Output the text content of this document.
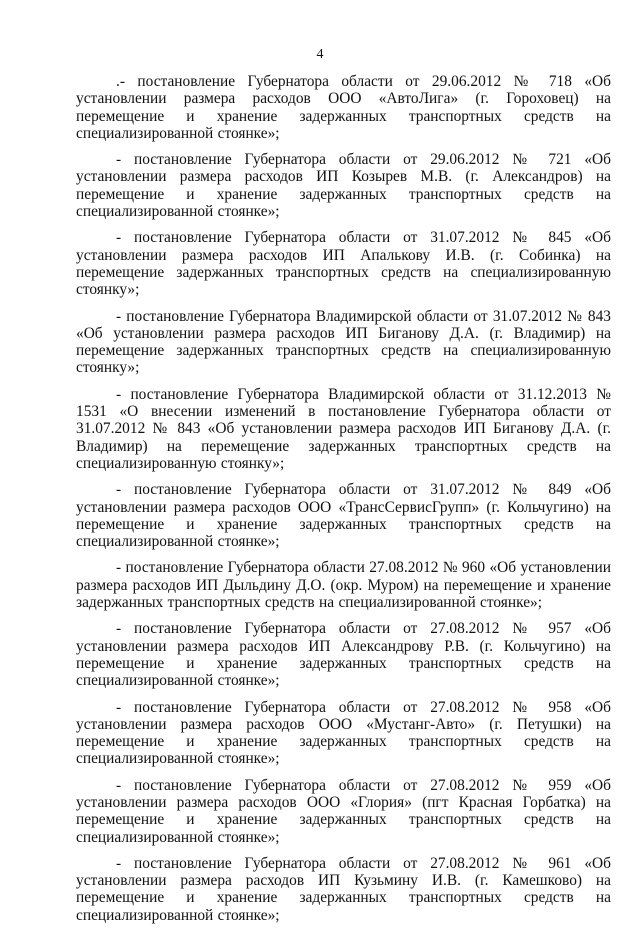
4

.- постановление Губернатора области от 29.06.2012 № 718 «Об установлении размера расходов ООО «АвтоЛига» (г. Гороховец) на перемещение и хранение задержанных транспортных средств на специализированной стоянке»;

- постановление Губернатора области от 29.06.2012 № 721 «Об установлении размера расходов ИП Козырев М.В. (г. Александров) на перемещение и хранение задержанных транспортных средств на специализированной стоянке»;

- постановление Губернатора области от 31.07.2012 № 845 «Об установлении размера расходов ИП Апалькову И.В. (г. Собинка) на перемещение задержанных транспортных средств на специализированную стоянку»;

- постановление Губернатора Владимирской области от 31.07.2012 № 843 «Об установлении размера расходов ИП Биганову Д.А. (г. Владимир) на перемещение задержанных транспортных средств на специализированную стоянку»;

- постановление Губернатора Владимирской области от 31.12.2013 № 1531 «О внесении изменений в постановление Губернатора области от 31.07.2012 № 843 «Об установлении размера расходов ИП Биганову Д.А. (г. Владимир) на перемещение задержанных транспортных средств на специализированную стоянку»;

- постановление Губернатора области от 31.07.2012 № 849 «Об установлении размера расходов ООО «ТрансСервисГрупп» (г. Кольчугино) на перемещение и хранение задержанных транспортных средств на специализированной стоянке»;

- постановление Губернатора области 27.08.2012 № 960 «Об установлении размера расходов ИП Дыльдину Д.О. (окр. Муром) на перемещение и хранение задержанных транспортных средств на специализированной стоянке»;

- постановление Губернатора области от 27.08.2012 № 957 «Об установлении размера расходов ИП Александрову Р.В. (г. Кольчугино) на перемещение и хранение задержанных транспортных средств на специализированной стоянке»;

- постановление Губернатора области от 27.08.2012 № 958 «Об установлении размера расходов ООО «Мустанг-Авто» (г. Петушки) на перемещение и хранение задержанных транспортных средств на специализированной стоянке»;

- постановление Губернатора области от 27.08.2012 № 959 «Об установлении размера расходов ООО «Глория» (пгт Красная Горбатка) на перемещение и хранение задержанных транспортных средств на специализированной стоянке»;

- постановление Губернатора области от 27.08.2012 № 961 «Об установлении размера расходов ИП Кузьмину И.В. (г. Камешково) на перемещение и хранение задержанных транспортных средств на специализированной стоянке»;
